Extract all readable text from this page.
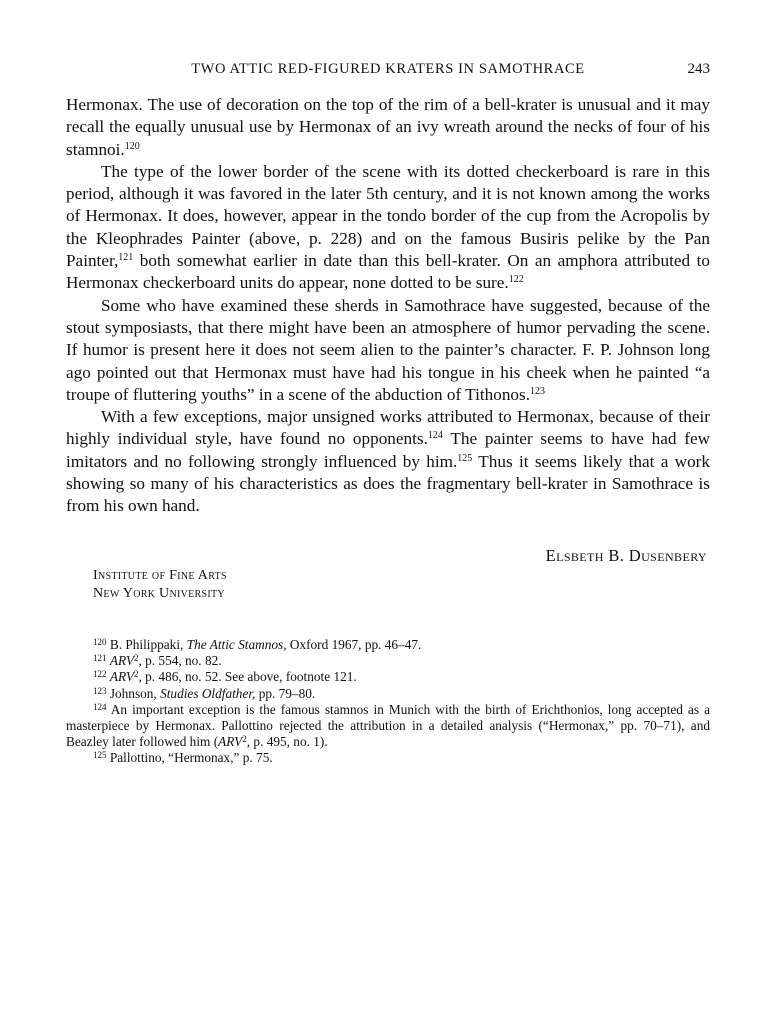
TWO ATTIC RED-FIGURED KRATERS IN SAMOTHRACE	243

Hermonax. The use of decoration on the top of the rim of a bell-krater is unusual and it may recall the equally unusual use by Hermonax of an ivy wreath around the necks of four of his stamnoi.$^{120}$

The type of the lower border of the scene with its dotted checkerboard is rare in this period, although it was favored in the later 5th century, and it is not known among the works of Hermonax. It does, however, appear in the tondo border of the cup from the Acropolis by the Kleophrades Painter (above, p. 228) and on the famous Busiris pelike by the Pan Painter,$^{121}$ both somewhat earlier in date than this bell-krater. On an amphora attributed to Hermonax checkerboard units do appear, none dotted to be sure.$^{122}$

Some who have examined these sherds in Samothrace have suggested, because of the stout symposiasts, that there might have been an atmosphere of humor pervading the scene. If humor is present here it does not seem alien to the painter’s character. F. P. Johnson long ago pointed out that Hermonax must have had his tongue in his cheek when he painted “a troupe of fluttering youths” in a scene of the abduction of Tithonos.$^{123}$

With a few exceptions, major unsigned works attributed to Hermonax, because of their highly individual style, have found no opponents.$^{124}$ The painter seems to have had few imitators and no following strongly influenced by him.$^{125}$ Thus it seems likely that a work showing so many of his characteristics as does the fragmentary bell-krater in Samothrace is from his own hand.

Elsbeth B. Dusenbery
Institute of Fine Arts
New York University
$^{120}$ B. Philippaki, The Attic Stamnos, Oxford 1967, pp. 46–47.
$^{121}$ ARV$^2$, p. 554, no. 82.
$^{122}$ ARV$^2$, p. 486, no. 52. See above, footnote 121.
$^{123}$ Johnson, Studies Oldfather, pp. 79–80.
$^{124}$ An important exception is the famous stamnos in Munich with the birth of Erichthonios, long accepted as a masterpiece by Hermonax. Pallottino rejected the attribution in a detailed analysis (“Hermonax,” pp. 70–71), and Beazley later followed him (ARV$^2$, p. 495, no. 1).
$^{125}$ Pallottino, “Hermonax,” p. 75.
